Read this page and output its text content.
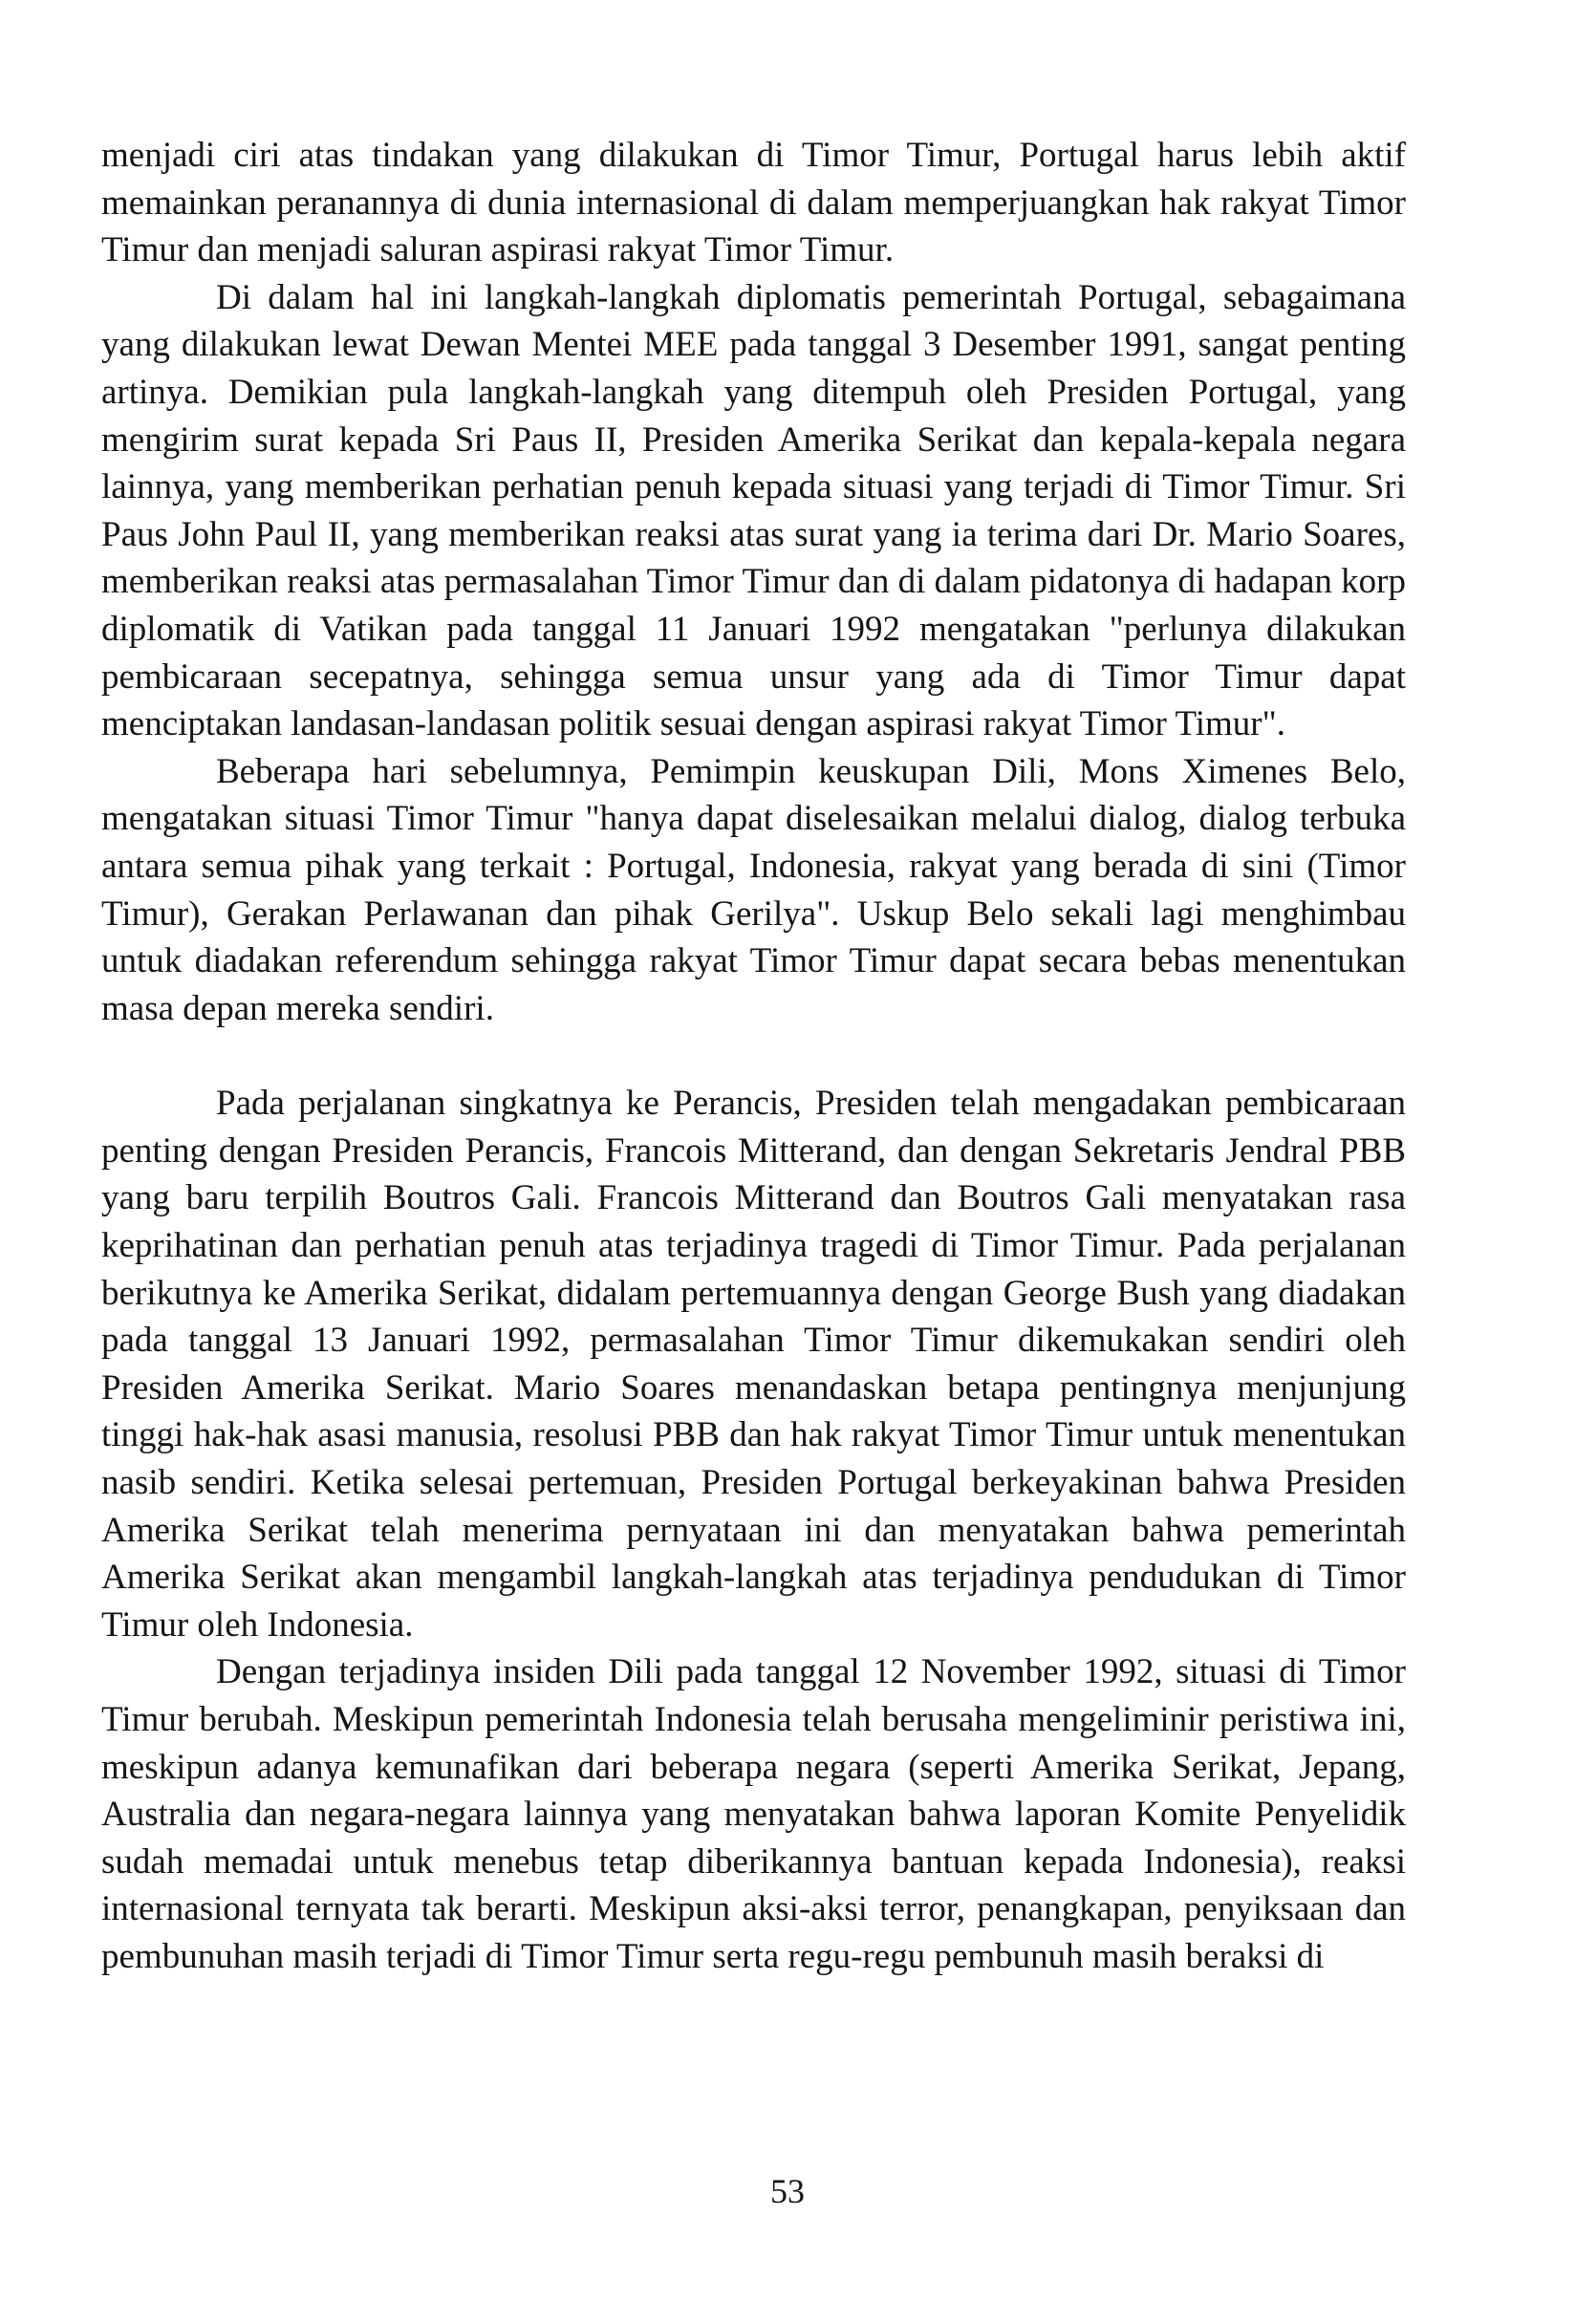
menjadi ciri atas tindakan yang dilakukan di Timor Timur, Portugal harus lebih aktif memainkan peranannya di dunia internasional di dalam memperjuangkan hak rakyat Timor Timur dan menjadi saluran aspirasi rakyat Timor Timur.

Di dalam hal ini langkah-langkah diplomatis pemerintah Portugal, sebagaimana yang dilakukan lewat Dewan Mentei MEE pada tanggal 3 Desember 1991, sangat penting artinya. Demikian pula langkah-langkah yang ditempuh oleh Presiden Portugal, yang mengirim surat kepada Sri Paus II, Presiden Amerika Serikat dan kepala-kepala negara lainnya, yang memberikan perhatian penuh kepada situasi yang terjadi di Timor Timur. Sri Paus John Paul II, yang memberikan reaksi atas surat yang ia terima dari Dr. Mario Soares, memberikan reaksi atas permasalahan Timor Timur dan di dalam pidatonya di hadapan korp diplomatik di Vatikan pada tanggal 11 Januari 1992 mengatakan "perlunya dilakukan pembicaraan secepatnya, sehingga semua unsur yang ada di Timor Timur dapat menciptakan landasan-landasan politik sesuai dengan aspirasi rakyat Timor Timur".

Beberapa hari sebelumnya, Pemimpin keuskupan Dili, Mons Ximenes Belo, mengatakan situasi Timor Timur "hanya dapat diselesaikan melalui dialog, dialog terbuka antara semua pihak yang terkait : Portugal, Indonesia, rakyat yang berada di sini (Timor Timur), Gerakan Perlawanan dan pihak Gerilya". Uskup Belo sekali lagi menghimbau untuk diadakan referendum sehingga rakyat Timor Timur dapat secara bebas menentukan masa depan mereka sendiri.

Pada perjalanan singkatnya ke Perancis, Presiden telah mengadakan pembicaraan penting dengan Presiden Perancis, Francois Mitterand, dan dengan Sekretaris Jendral PBB yang baru terpilih Boutros Gali. Francois Mitterand dan Boutros Gali menyatakan rasa keprihatinan dan perhatian penuh atas terjadinya tragedi di Timor Timur. Pada perjalanan berikutnya ke Amerika Serikat, didalam pertemuannya dengan George Bush yang diadakan pada tanggal 13 Januari 1992, permasalahan Timor Timur dikemukakan sendiri oleh Presiden Amerika Serikat. Mario Soares menandaskan betapa pentingnya menjunjung tinggi hak-hak asasi manusia, resolusi PBB dan hak rakyat Timor Timur untuk menentukan nasib sendiri. Ketika selesai pertemuan, Presiden Portugal berkeyakinan bahwa Presiden Amerika Serikat telah menerima pernyataan ini dan menyatakan bahwa pemerintah Amerika Serikat akan mengambil langkah-langkah atas terjadinya pendudukan di Timor Timur oleh Indonesia.

Dengan terjadinya insiden Dili pada tanggal 12 November 1992, situasi di Timor Timur berubah. Meskipun pemerintah Indonesia telah berusaha mengeliminir peristiwa ini, meskipun adanya kemunafikan dari beberapa negara (seperti Amerika Serikat, Jepang, Australia dan negara-negara lainnya yang menyatakan bahwa laporan Komite Penyelidik sudah memadai untuk menebus tetap diberikannya bantuan kepada Indonesia), reaksi internasional ternyata tak berarti. Meskipun aksi-aksi terror, penangkapan, penyiksaan dan pembunuhan masih terjadi di Timor Timur serta regu-regu pembunuh masih beraksi di

53
